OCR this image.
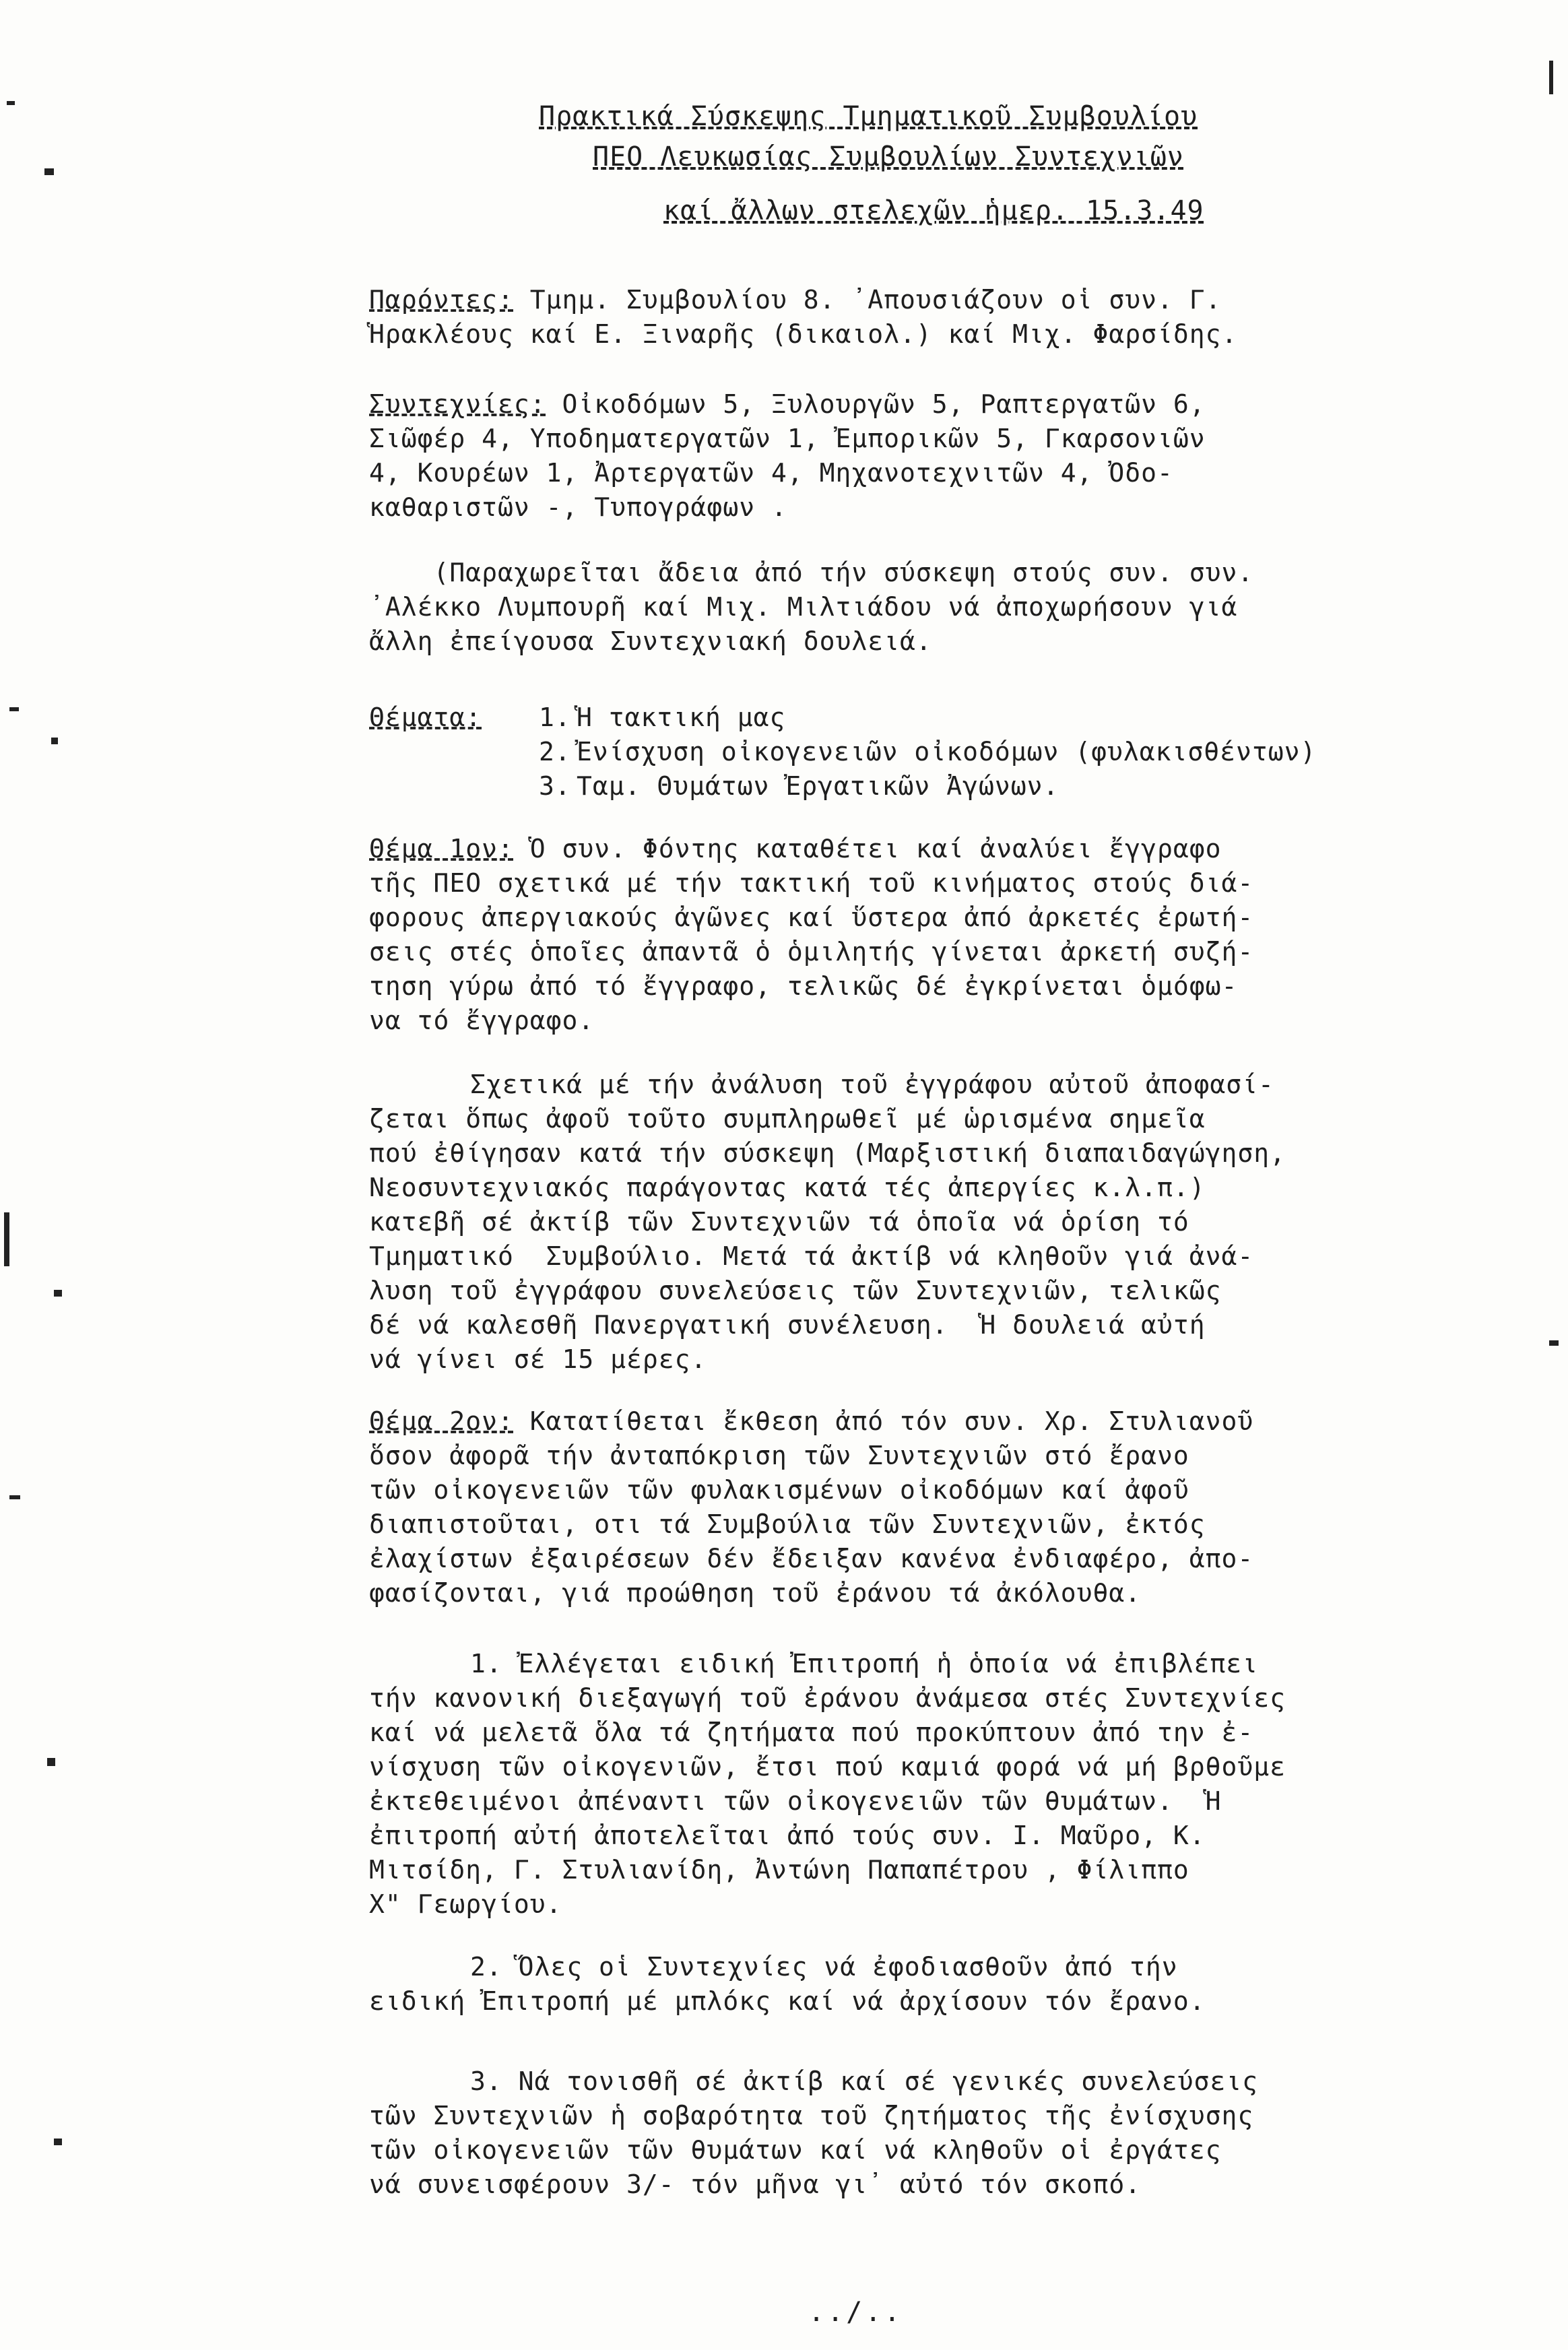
Πρακτικά Σύσκεψης Τμηματικοῦ Συμβουλίου
ΠΕΟ Λευκωσίας Συμβουλίων Συντεχνιῶν
καί ἄλλων στελεχῶν ἡμερ. 15.3.49
Παρόντες: Τμημ. Συμβουλίου 8. ᾽Απουσιάζουν οἱ συν. Γ.
Ἡρακλέους καί Ε. Ξιναρῆς (δικαιολ.) καί Μιχ. Φαρσίδης.
Συντεχνίες: Οἰκοδόμων 5, Ξυλουργῶν 5, Ραπτεργατῶν 6,
Σιῶφέρ 4, Υποδηματεργατῶν 1, Ἐμπορικῶν 5, Γκαρσονιῶν
4, Κουρέων 1, Ἀρτεργατῶν 4, Μηχανοτεχνιτῶν 4, Ὀδο-
καθαριστῶν -, Τυπογράφων .
(Παραχωρεῖται ἄδεια ἀπό τήν σύσκεψη στούς συν. συν.
᾽Αλέκκο Λυμπουρῆ καί Μιχ. Μιλτιάδου νά ἀποχωρήσουν γιά
ἄλλη ἐπείγουσα Συντεχνιακή δουλειά.
Θέματα:	1. Ἡ τακτική μας
2. Ἐνίσχυση οἰκογενειῶν οἰκοδόμων (φυλακισθέντων)
3. Ταμ. Θυμάτων Ἐργατικῶν Ἀγώνων.
Θέμα 1ον: Ὁ συν. Φόντης καταθέτει καί ἀναλύει ἔγγραφο
τῆς ΠΕΟ σχετικά μέ τήν τακτική τοῦ κινήματος στούς διά-
φορους ἀπεργιακούς ἀγῶνες καί ὕστερα ἀπό ἀρκετές ἐρωτή-
σεις στές ὁποῖες ἀπαντᾶ ὁ ὁμιλητής γίνεται ἀρκετή συζή-
τηση γύρω ἀπό τό ἔγγραφο, τελικῶς δέ ἐγκρίνεται ὁμόφω-
να τό ἔγγραφο.
Σχετικά μέ τήν ἀνάλυση τοῦ ἐγγράφου αὐτοῦ ἀποφασί-
ζεται ὅπως ἀφοῦ τοῦτο συμπληρωθεῖ μέ ὡρισμένα σημεῖα
πού ἐθίγησαν κατά τήν σύσκεψη (Μαρξιστική διαπαιδαγώγηση,
Νεοσυντεχνιακός παράγοντας κατά τές ἀπεργίες κ.λ.π.)
κατεβῆ σέ ἀκτίβ τῶν Συντεχνιῶν τά ὁποῖα νά ὁρίση τό
Τμηματικό  Συμβούλιο. Μετά τά ἀκτίβ νά κληθοῦν γιά ἀνά-
λυση τοῦ ἐγγράφου συνελεύσεις τῶν Συντεχνιῶν, τελικῶς
δέ νά καλεσθῆ Πανεργατική συνέλευση.  Ἡ δουλειά αὐτή
νά γίνει σέ 15 μέρες.
Θέμα 2ον: Κατατίθεται ἔκθεση ἀπό τόν συν. Χρ. Στυλιανοῦ
ὅσον ἀφορᾶ τήν ἀνταπόκριση τῶν Συντεχνιῶν στό ἔρανο
τῶν οἰκογενειῶν τῶν φυλακισμένων οἰκοδόμων καί ἀφοῦ
διαπιστοῦται, οτι τά Συμβούλια τῶν Συντεχνιῶν, ἐκτός
ἐλαχίστων ἐξαιρέσεων δέν ἔδειξαν κανένα ἐνδιαφέρο, ἀπο-
φασίζονται, γιά προώθηση τοῦ ἐράνου τά ἀκόλουθα.
1. Ἐλλέγεται ειδική Ἐπιτροπή ἡ ὁποία νά ἐπιβλέπει
τήν κανονική διεξαγωγή τοῦ ἐράνου ἀνάμεσα στές Συντεχνίες
καί νά μελετᾶ ὅλα τά ζητήματα πού προκύπτουν ἀπό την ἐ-
νίσχυση τῶν οἰκογενιῶν, ἔτσι πού καμιά φορά νά μή βρθοῦμε
ἐκτεθειμένοι ἀπέναντι τῶν οἰκογενειῶν τῶν θυμάτων.  Ἡ
ἐπιτροπή αὐτή ἀποτελεῖται ἀπό τούς συν. Ι. Μαῦρο, Κ.
Μιτσίδη, Γ. Στυλιανίδη, Ἀντώνη Παπαπέτρου , Φίλιππο
Χ" Γεωργίου.
2. Ὅλες οἱ Συντεχνίες νά ἐφοδιασθοῦν ἀπό τήν
ειδική Ἐπιτροπή μέ μπλόκς καί νά ἀρχίσουν τόν ἔρανο.
3. Νά τονισθῆ σέ ἀκτίβ καί σέ γενικές συνελεύσεις
τῶν Συντεχνιῶν ἡ σοβαρότητα τοῦ ζητήματος τῆς ἐνίσχυσης
τῶν οἰκογενειῶν τῶν θυμάτων καί νά κληθοῦν οἱ ἐργάτες
νά συνεισφέρουν 3/- τόν μῆνα γι᾽ αὐτό τόν σκοπό.
../..
